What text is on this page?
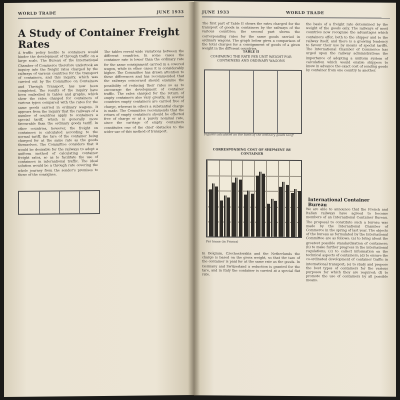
WORLD TRADE	JUNE 1933
A Study of Container Freight Rates
A traffic policy hostile to containers would hinder the development of through traffic on a large scale. The Bureau of the International Chamber of Commerce therefore undertook an inquiry into the freight rates charged by the railways of various countries for the transport of containers, and this inquiry, which was carried out by the Committee on Containers and Through Transport, has now been completed. The results of the inquiry have been embodied in tables and graphs, which show the rates charged for containers of various types compared with the rates for the same goods carried in ordinary wagons. It appears from the inquiry that the railways of a number of countries apply to containers a special tariff, which is generally more favourable than the ordinary goods tariff. In other countries, however, the freight on containers is calculated according to the normal tariff, the tare of the container being charged for at the same rate as the goods themselves. The Committee considers that it would be desirable for the railways to adopt a uniform method of calculating container freight rates, so as to facilitate the use of containers in international traffic. The ideal solution would be a through rate covering the whole journey from the sender's premises to those of the consignee.
The tables reveal wide variations between the different countries. In some cases the container rate is lower than the ordinary rate for the same consignment carried in a covered wagon, while in other cases it is considerably higher. The Committee has drawn attention to these differences and has recommended that the railways concerned should examine the possibility of reducing their rates so as to encourage the development of container traffic. The rates charged for the return of empty containers also vary greatly; in several countries empty containers are carried free of charge, whereas in others a substantial charge is made. The Committee recommends that the return of empty containers should be effected free of charge or at a purely nominal rate, since the carriage of empty containers constitutes one of the chief obstacles to the wider use of this method of transport.
JUNE 1933	WORLD TRADE
The first part of Table II shows the rates charged for the transport of goods in containers by the railways of the various countries; the second part shows the corresponding rates for the same goods carried in ordinary wagons. The graph below gives a comparison of the total charges for a consignment of goods of a given weight in the different countries.
TABLE II
COMPARING THE RATE PER UNIT WEIGHT FOR CONTAINERS AND ORDINARY WAGONS
Figures calculated on the basis of the ordinary goods tariff
CORRESPONDING COST OF SHIPMENT BY CONTAINER
Per tonne (in Francs)
In Belgium, Czechoslovakia and the Netherlands the charge is based on the gross weight, so that the tare of the container is paid for at the same rate as the goods. In Germany and Switzerland a reduction is granted for the tare, and in Italy the container is carried at a special flat rate.
the basis of a freight rate determined by the weight of the goods only. The railways of most countries now recognise the advantages which containers offer, both to the shipper and to the railway itself, and there is a growing tendency to favour their use by means of special tariffs. The International Chamber of Commerce has urged upon the railway administrations the importance of adopting a uniform system of calculation which would enable shippers to know in advance the exact cost of sending goods by container from one country to another.
International Container Bureau
We are able to announce that the French and Italian railways have agreed to become members of an International Container Bureau. The proposal to constitute such a bureau was made by the International Chamber of Commerce in the spring of last year. The objects of the bureau as formulated by the International Committee are as follows: (a) to bring about the greatest possible standardisation of containers; (b) to make further progress in the international regulations; (c) to collect information on the technical aspects of containers; (d) to ensure the co-ordinated development of container traffic in international transport; (e) to study and propose the best types of containers for the various purposes for which they are required; (f) to promote the use of containers by all possible means.
